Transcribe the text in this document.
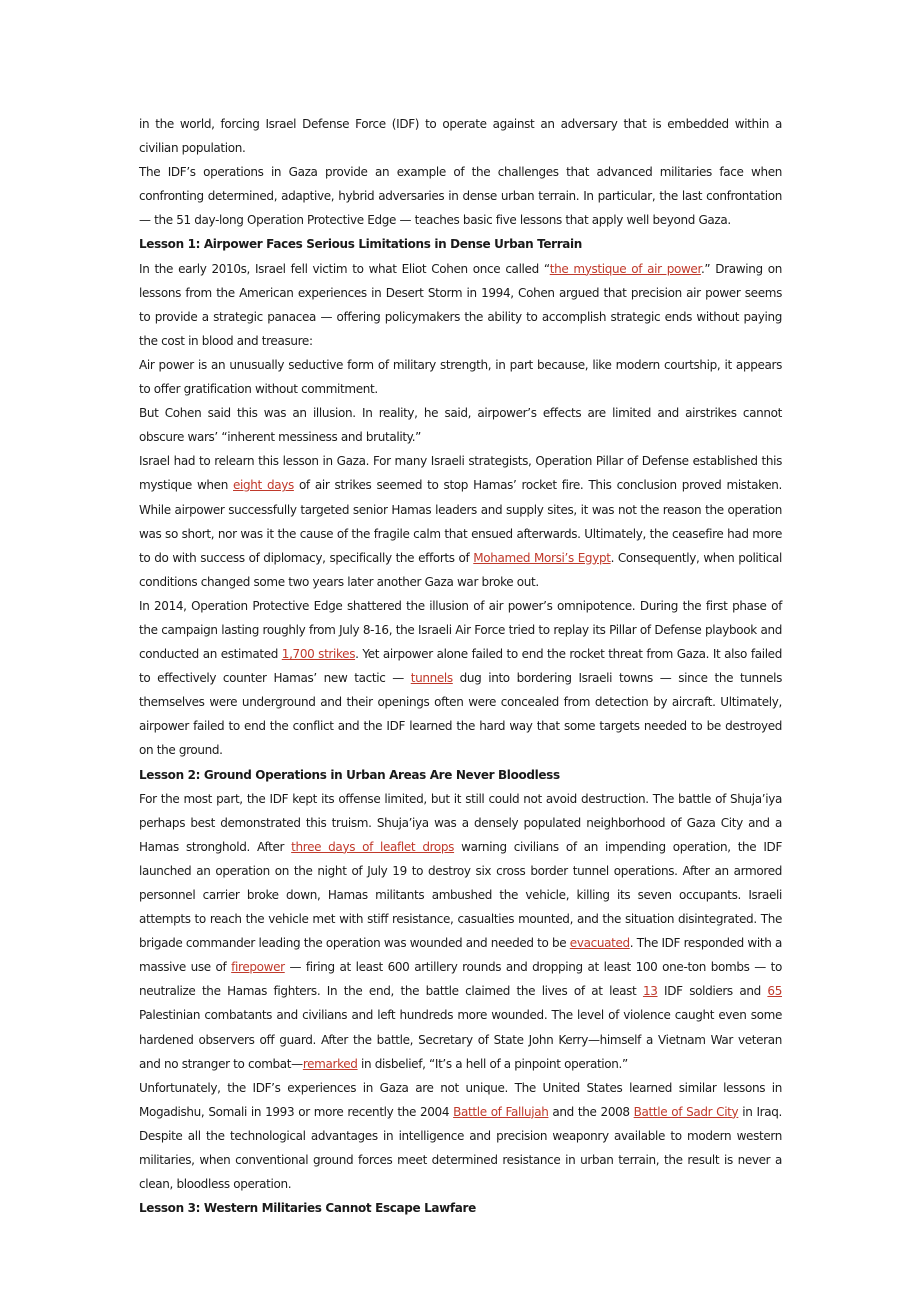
in the world, forcing Israel Defense Force (IDF) to operate against an adversary that is embedded within a civilian population.

The IDF’s operations in Gaza provide an example of the challenges that advanced militaries face when confronting determined, adaptive, hybrid adversaries in dense urban terrain. In particular, the last confrontation — the 51 day-long Operation Protective Edge — teaches basic five lessons that apply well beyond Gaza.

Lesson 1: Airpower Faces Serious Limitations in Dense Urban Terrain

In the early 2010s, Israel fell victim to what Eliot Cohen once called “the mystique of air power.” Drawing on lessons from the American experiences in Desert Storm in 1994, Cohen argued that precision air power seems to provide a strategic panacea — offering policymakers the ability to accomplish strategic ends without paying the cost in blood and treasure:

Air power is an unusually seductive form of military strength, in part because, like modern courtship, it appears to offer gratification without commitment.

But Cohen said this was an illusion. In reality, he said, airpower’s effects are limited and airstrikes cannot obscure wars’ “inherent messiness and brutality.”

Israel had to relearn this lesson in Gaza. For many Israeli strategists, Operation Pillar of Defense established this mystique when eight days of air strikes seemed to stop Hamas’ rocket fire. This conclusion proved mistaken. While airpower successfully targeted senior Hamas leaders and supply sites, it was not the reason the operation was so short, nor was it the cause of the fragile calm that ensued afterwards. Ultimately, the ceasefire had more to do with success of diplomacy, specifically the efforts of Mohamed Morsi’s Egypt. Consequently, when political conditions changed some two years later another Gaza war broke out.

In 2014, Operation Protective Edge shattered the illusion of air power’s omnipotence. During the first phase of the campaign lasting roughly from July 8-16, the Israeli Air Force tried to replay its Pillar of Defense playbook and conducted an estimated 1,700 strikes. Yet airpower alone failed to end the rocket threat from Gaza. It also failed to effectively counter Hamas’ new tactic — tunnels dug into bordering Israeli towns — since the tunnels themselves were underground and their openings often were concealed from detection by aircraft. Ultimately, airpower failed to end the conflict and the IDF learned the hard way that some targets needed to be destroyed on the ground.

Lesson 2: Ground Operations in Urban Areas Are Never Bloodless

For the most part, the IDF kept its offense limited, but it still could not avoid destruction. The battle of Shuja’iya perhaps best demonstrated this truism. Shuja’iya was a densely populated neighborhood of Gaza City and a Hamas stronghold. After three days of leaflet drops warning civilians of an impending operation, the IDF launched an operation on the night of July 19 to destroy six cross border tunnel operations. After an armored personnel carrier broke down, Hamas militants ambushed the vehicle, killing its seven occupants. Israeli attempts to reach the vehicle met with stiff resistance, casualties mounted, and the situation disintegrated. The brigade commander leading the operation was wounded and needed to be evacuated. The IDF responded with a massive use of firepower — firing at least 600 artillery rounds and dropping at least 100 one-ton bombs — to neutralize the Hamas fighters. In the end, the battle claimed the lives of at least 13 IDF soldiers and 65 Palestinian combatants and civilians and left hundreds more wounded. The level of violence caught even some hardened observers off guard. After the battle, Secretary of State John Kerry—himself a Vietnam War veteran and no stranger to combat—remarked in disbelief, “It’s a hell of a pinpoint operation.”

Unfortunately, the IDF’s experiences in Gaza are not unique. The United States learned similar lessons in Mogadishu, Somali in 1993 or more recently the 2004 Battle of Fallujah and the 2008 Battle of Sadr City in Iraq. Despite all the technological advantages in intelligence and precision weaponry available to modern western militaries, when conventional ground forces meet determined resistance in urban terrain, the result is never a clean, bloodless operation.

Lesson 3: Western Militaries Cannot Escape Lawfare
